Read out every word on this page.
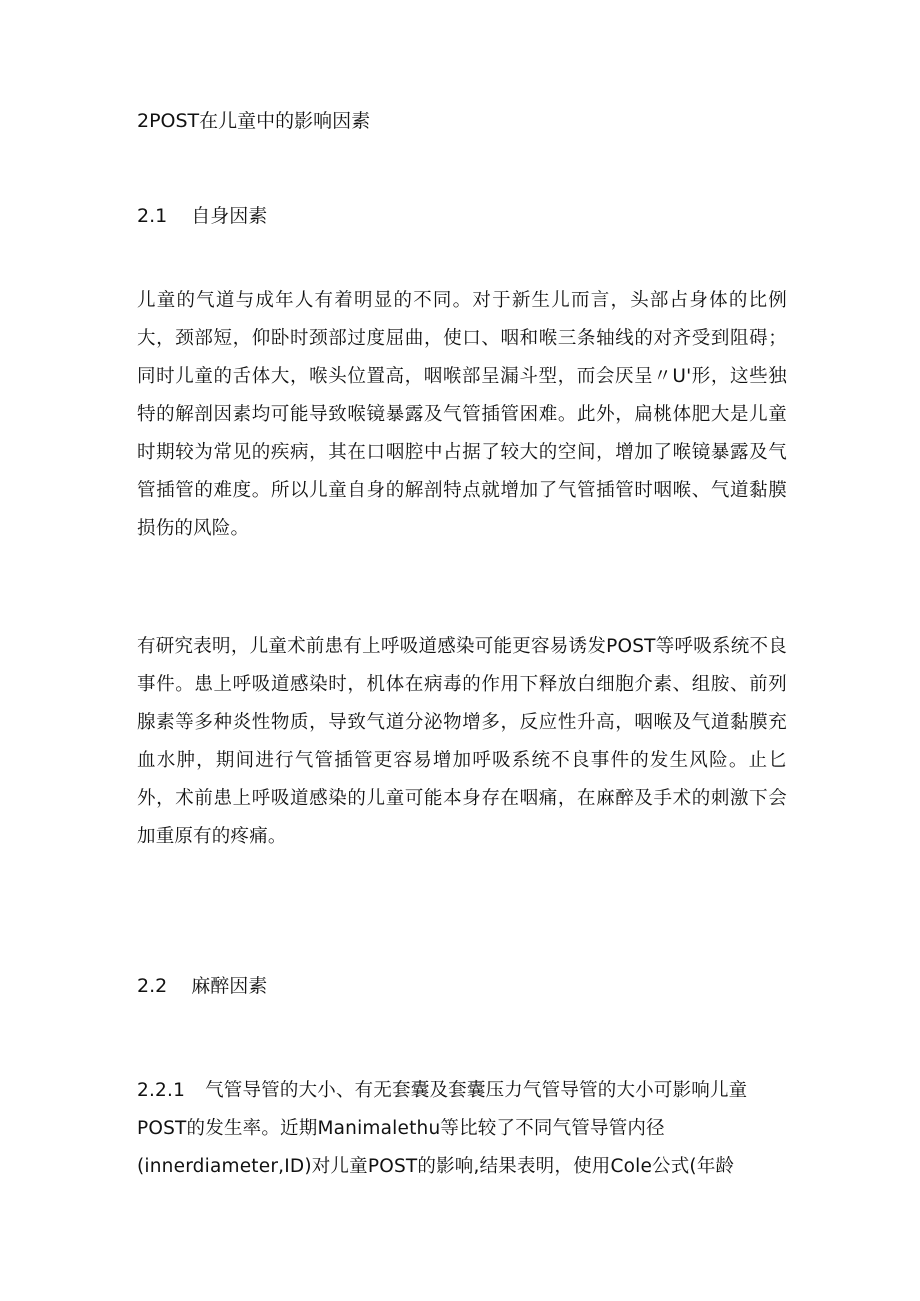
2POST在儿童中的影响因素
2.1 自身因素

儿童的气道与成年人有着明显的不同。对于新生儿而言，头部占身体的比例大，颈部短，仰卧时颈部过度屈曲，使口、咽和喉三条轴线的对齐受到阻碍；同时儿童的舌体大，喉头位置高，咽喉部呈漏斗型，而会厌呈〃U'形，这些独特的解剖因素均可能导致喉镜暴露及气管插管困难。此外，扁桃体肥大是儿童时期较为常见的疾病，其在口咽腔中占据了较大的空间，增加了喉镜暴露及气管插管的难度。所以儿童自身的解剖特点就增加了气管插管时咽喉、气道黏膜损伤的风险。

有研究表明，儿童术前患有上呼吸道感染可能更容易诱发POST等呼吸系统不良事件。患上呼吸道感染时，机体在病毒的作用下释放白细胞介素、组胺、前列腺素等多种炎性物质，导致气道分泌物增多，反应性升高，咽喉及气道黏膜充血水肿，期间进行气管插管更容易增加呼吸系统不良事件的发生风险。止匕外，术前患上呼吸道感染的儿童可能本身存在咽痛，在麻醉及手术的刺激下会加重原有的疼痛。

2.2 麻醉因素

2.2.1 气管导管的大小、有无套囊及套囊压力气管导管的大小可影响儿童POST的发生率。近期Manimalethu等比较了不同气管导管内径(innerdiameter,ID)对儿童POST的影响,结果表明，使用Cole公式(年龄
